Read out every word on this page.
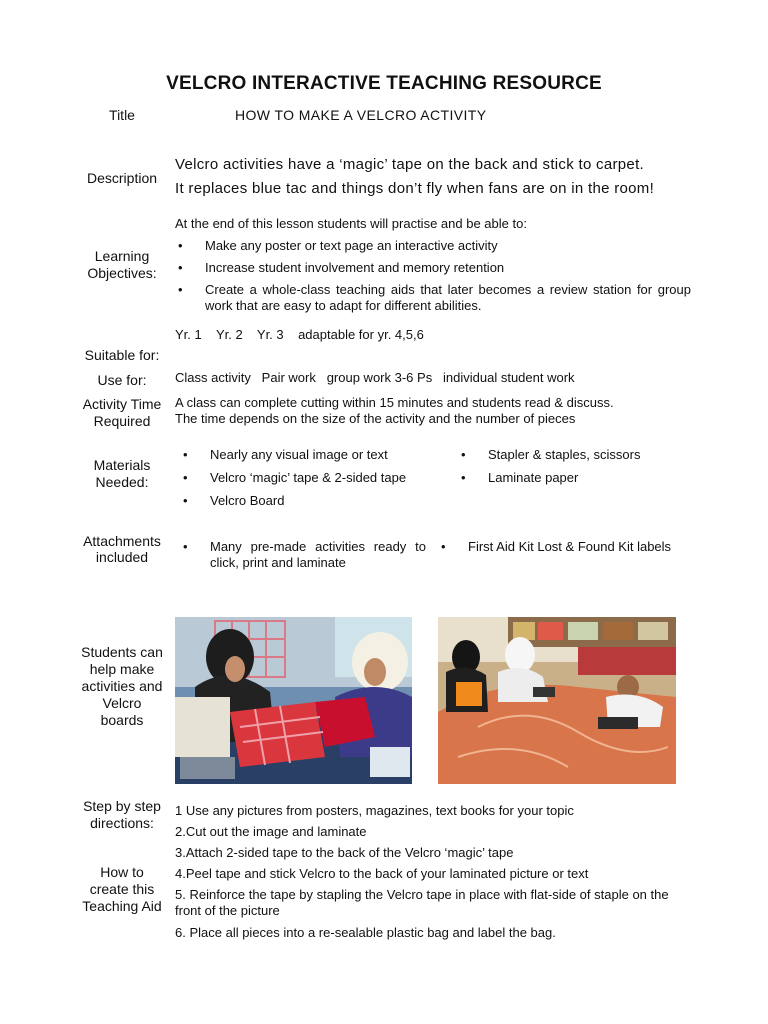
VELCRO INTERACTIVE TEACHING RESOURCE
Title	HOW TO MAKE A VELCRO ACTIVITY
Description
Velcro activities have a ‘magic’ tape on the back and stick to carpet.
It replaces blue tac and things don’t fly when fans are on in the room!
Learning
Objectives:
At the end of this lesson students will practise and be able to:
• Make any poster or text page an interactive activity
• Increase student involvement and memory retention
• Create a whole-class teaching aids that later becomes a review station for group work that are easy to adapt for different abilities.
Yr. 1    Yr. 2    Yr. 3    adaptable for yr. 4,5,6
Suitable for:
Use for:	Class activity   Pair work   group work 3-6 Ps   individual student work
Activity Time
Required
A class can complete cutting within 15 minutes and students read & discuss.
The time depends on the size of the activity and the number of pieces
Materials
Needed:
• Nearly any visual image or text
• Velcro ‘magic’ tape & 2-sided tape
• Velcro Board
• Stapler & staples, scissors
• Laminate paper
Attachments
included
• Many pre-made activities ready to click, print and laminate
• First Aid Kit Lost & Found Kit labels
Students can
help make
activities and
Velcro
boards
Step by step
directions:
How to
create this
Teaching Aid
1 Use any pictures from posters, magazines, text books for your topic
2.Cut out the image and laminate
3.Attach 2-sided tape to the back of the Velcro ‘magic’ tape
4.Peel tape and stick Velcro to the back of your laminated picture or text
5. Reinforce the tape by stapling the Velcro tape in place with flat-side of staple on the front of the picture
6. Place all pieces into a re-sealable plastic bag and label the bag.
